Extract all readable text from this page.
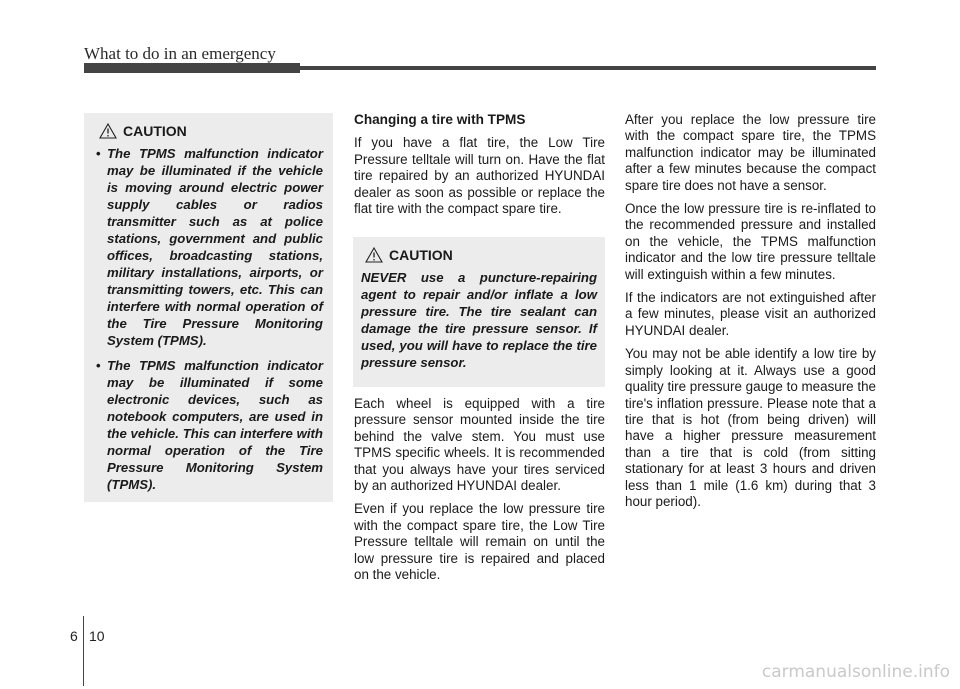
What to do in an emergency
CAUTION
• The TPMS malfunction indicator may be illuminated if the vehicle is moving around electric power supply cables or radios transmitter such as at police stations, government and public offices, broadcasting stations, military installations, airports, or transmitting towers, etc. This can interfere with normal operation of the Tire Pressure Monitoring System (TPMS).
• The TPMS malfunction indicator may be illuminated if some electronic devices, such as notebook computers, are used in the vehicle. This can interfere with normal operation of the Tire Pressure Monitoring System (TPMS).

Changing a tire with TPMS

If you have a flat tire, the Low Tire Pressure telltale will turn on. Have the flat tire repaired by an authorized HYUNDAI dealer as soon as possible or replace the flat tire with the compact spare tire.

CAUTION
NEVER use a puncture-repairing agent to repair and/or inflate a low pressure tire. The tire sealant can damage the tire pressure sensor. If used, you will have to replace the tire pressure sensor.

Each wheel is equipped with a tire pressure sensor mounted inside the tire behind the valve stem. You must use TPMS specific wheels. It is recommended that you always have your tires serviced by an authorized HYUNDAI dealer.

Even if you replace the low pressure tire with the compact spare tire, the Low Tire Pressure telltale will remain on until the low pressure tire is repaired and placed on the vehicle.

After you replace the low pressure tire with the compact spare tire, the TPMS malfunction indicator may be illuminated after a few minutes because the compact spare tire does not have a sensor.

Once the low pressure tire is re-inflated to the recommended pressure and installed on the vehicle, the TPMS malfunction indicator and the low tire pressure telltale will extinguish within a few minutes.

If the indicators are not extinguished after a few minutes, please visit an authorized HYUNDAI dealer.

You may not be able identify a low tire by simply looking at it. Always use a good quality tire pressure gauge to measure the tire's inflation pressure. Please note that a tire that is hot (from being driven) will have a higher pressure measurement than a tire that is cold (from sitting stationary for at least 3 hours and driven less than 1 mile (1.6 km) during that 3 hour period).

6 10
carmanualsonline.info
